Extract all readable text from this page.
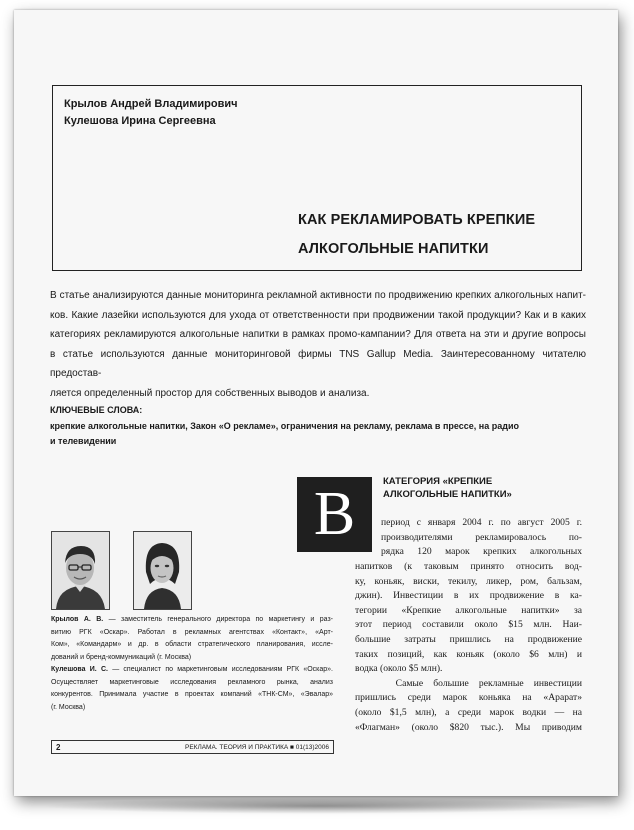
Крылов Андрей Владимирович
Кулешова Ирина Сергеевна
КАК РЕКЛАМИРОВАТЬ КРЕПКИЕ
АЛКОГОЛЬНЫЕ НАПИТКИ
В статье анализируются данные мониторинга рекламной активности по продвижению крепких алкогольных напит-
ков. Какие лазейки используются для ухода от ответственности при продвижении такой продукции? Как и в каких
категориях рекламируются алкогольные напитки в рамках промо-кампании? Для ответа на эти и другие вопросы
в статье используются данные мониторинговой фирмы TNS Gallup Media. Заинтересованному читателю предостав-
ляется определенный простор для собственных выводов и анализа.
КЛЮЧЕВЫЕ СЛОВА:
крепкие алкогольные напитки, Закон «О рекламе», ограничения на рекламу, реклама в прессе, на радио
и телевидении
В	КАТЕГОРИЯ «КРЕПКИЕ
АЛКОГОЛЬНЫЕ НАПИТКИ»
период с января 2004 г. по август 2005 г.
производителями рекламировалось по-
рядка 120 марок крепких алкогольных
напитков (к таковым принято относить вод-
ку, коньяк, виски, текилу, ликер, ром, бальзам,
джин). Инвестиции в их продвижение в ка-
тегории «Крепкие алкогольные напитки» за
этот период составили около $15 млн. Наи-
большие затраты пришлись на продвижение
таких позиций, как коньяк (около $6 млн) и
водка (около $5 млн).
Самые большие рекламные инвестиции
пришлись среди марок коньяка на «Арарат»
(около $1,5 млн), а среди марок водки — на
«Флагман» (около $820 тыс.). Мы приводим
Крылов А. В. — заместитель генерального директора по маркетингу и раз-
витию РГК «Оскар». Работал в рекламных агентствах «Контакт», «Арт-
Ком», «Командарм» и др. в области стратегического планирования, иссле-
дований и бренд-коммуникаций (г. Москва)
Кулешова И. С. — специалист по маркетинговым исследованиям РГК «Оскар».
Осуществляет маркетинговые исследования рекламного рынка, анализ
конкурентов. Принимала участие в проектах компаний «ТНК-СМ», «Эвалар»
(г. Москва)
2	РЕКЛАМА. ТЕОРИЯ И ПРАКТИКА ■ 01(13)2006
